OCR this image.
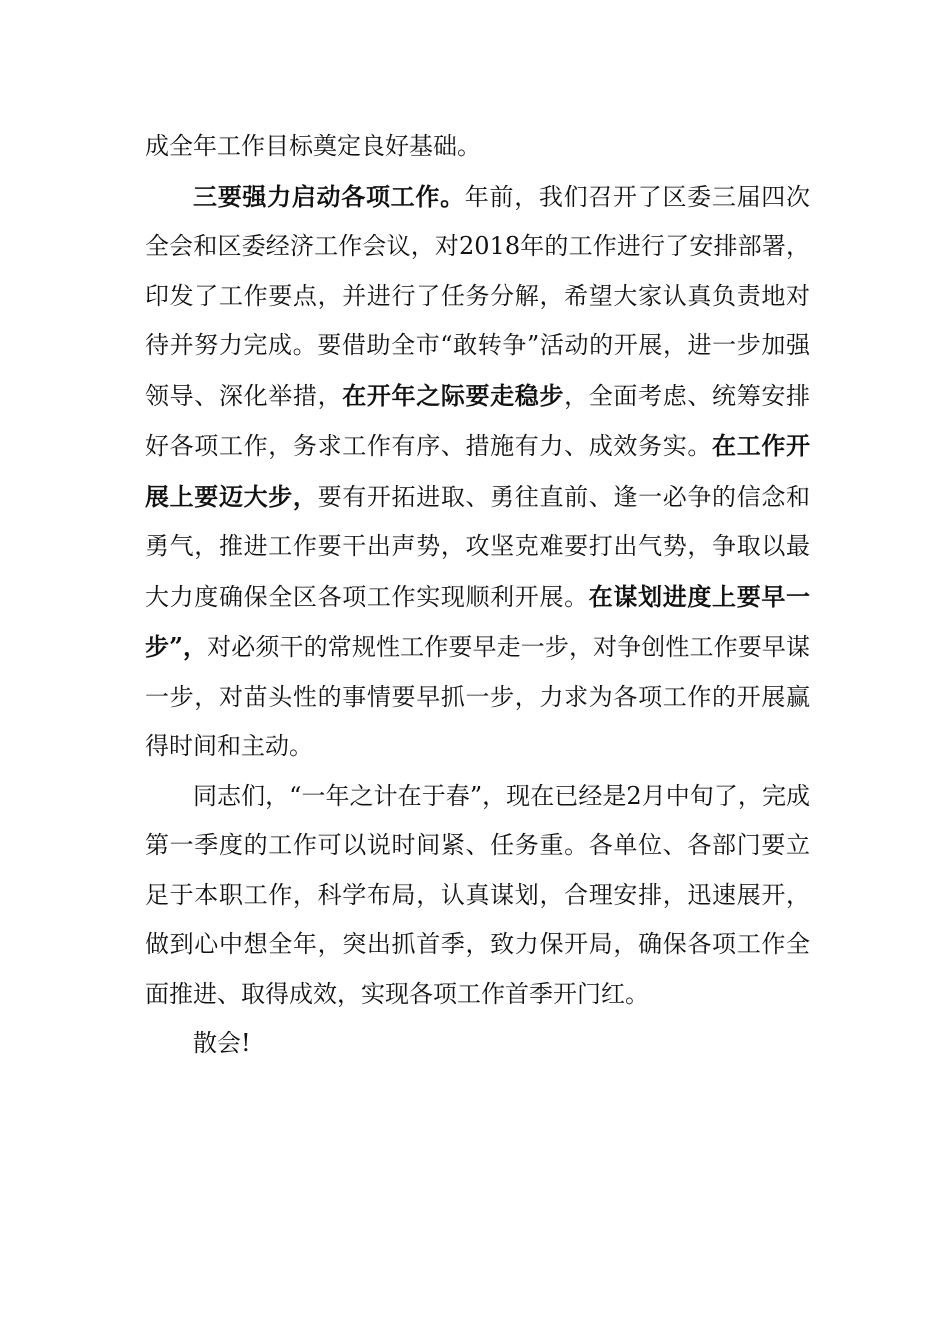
成全年工作目标奠定良好基础。

三要强力启动各项工作。年前，我们召开了区委三届四次全会和区委经济工作会议，对2018年的工作进行了安排部署，印发了工作要点，并进行了任务分解，希望大家认真负责地对待并努力完成。要借助全市“敢转争”活动的开展，进一步加强领导、深化举措，在开年之际要走稳步，全面考虑、统筹安排好各项工作，务求工作有序、措施有力、成效务实。在工作开展上要迈大步，要有开拓进取、勇往直前、逢一必争的信念和勇气，推进工作要干出声势，攻坚克难要打出气势，争取以最大力度确保全区各项工作实现顺利开展。在谋划进度上要早一步”，对必须干的常规性工作要早走一步，对争创性工作要早谋一步，对苗头性的事情要早抓一步，力求为各项工作的开展赢得时间和主动。

同志们，“一年之计在于春”，现在已经是2月中旬了，完成第一季度的工作可以说时间紧、任务重。各单位、各部门要立足于本职工作，科学布局，认真谋划，合理安排，迅速展开，做到心中想全年，突出抓首季，致力保开局，确保各项工作全面推进、取得成效，实现各项工作首季开门红。

散会!
